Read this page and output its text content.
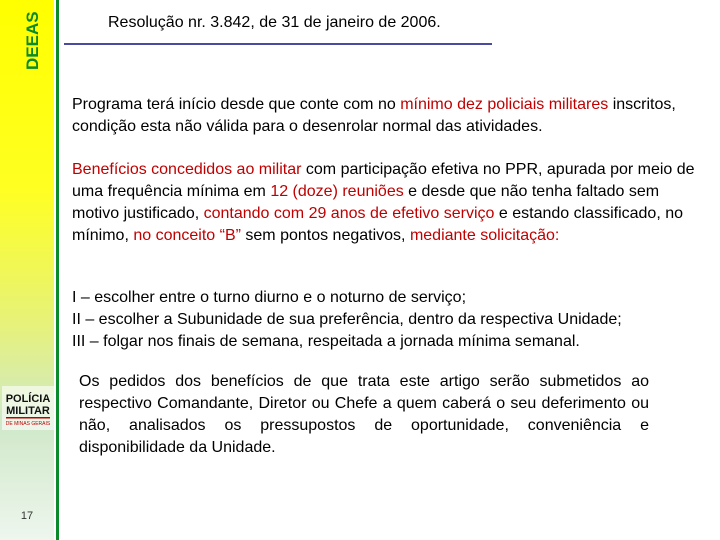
DEEAS
POLÍCIA
MILITAR
DE MINAS GERAIS
17
Resolução nr. 3.842, de 31 de janeiro de 2006.
Programa terá início desde que conte com no mínimo dez policiais militares inscritos, condição esta não válida para o desenrolar normal das atividades.
Benefícios concedidos ao militar com participação efetiva no PPR, apurada por meio de uma frequência mínima em 12 (doze) reuniões e desde que não tenha faltado sem motivo justificado, contando com 29 anos de efetivo serviço e estando classificado, no mínimo, no conceito “B” sem pontos negativos, mediante solicitação:
I – escolher entre o turno diurno e o noturno de serviço;
II – escolher a Subunidade de sua preferência, dentro da respectiva Unidade;
III – folgar nos finais de semana, respeitada a jornada mínima semanal.
Os pedidos dos benefícios de que trata este artigo serão submetidos ao respectivo Comandante, Diretor ou Chefe a quem caberá o seu deferimento ou não, analisados os pressupostos de oportunidade, conveniência e disponibilidade da Unidade.
